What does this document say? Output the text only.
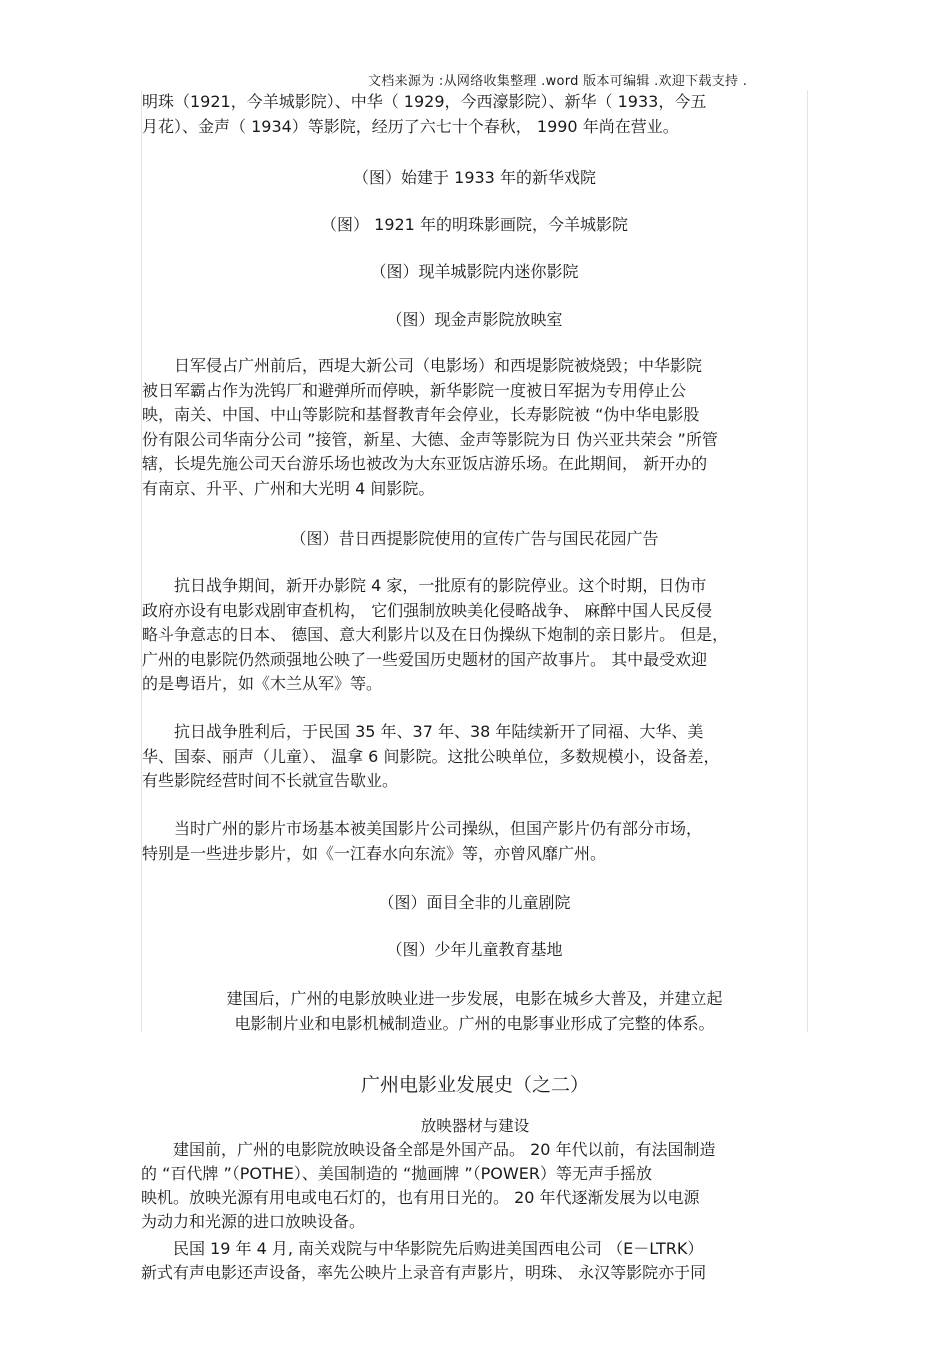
文档来源为 :从网络收集整理 .word 版本可编辑 .欢迎下载支持 .

明珠（1921，今羊城影院）、中华（ 1929，今西濠影院）、新华（ 1933，今五
月花）、金声（ 1934）等影院，经历了六七十个春秋， 1990 年尚在营业。

（图）始建于 1933 年的新华戏院

（图） 1921 年的明珠影画院，今羊城影院

（图）现羊城影院内迷你影院

（图）现金声影院放映室

　　日军侵占广州前后，西堤大新公司（电影场）和西堤影院被烧毁；中华影院
被日军霸占作为洗钨厂和避弹所而停映，新华影院一度被日军据为专用停止公
映，南关、中国、中山等影院和基督教青年会停业，长寿影院被 “伪中华电影股
份有限公司华南分公司 ”接管，新星、大德、金声等影院为日 伪兴亚共荣会 ”所管
辖，长堤先施公司天台游乐场也被改为大东亚饭店游乐场。在此期间， 新开办的
有南京、升平、广州和大光明 4 间影院。

（图）昔日西提影院使用的宣传广告与国民花园广告

　　抗日战争期间，新开办影院 4 家，一批原有的影院停业。这个时期，日伪市
政府亦设有电影戏剧审查机构， 它们强制放映美化侵略战争、 麻醉中国人民反侵
略斗争意志的日本、 德国、意大利影片以及在日伪操纵下炮制的亲日影片。 但是，
广州的电影院仍然顽强地公映了一些爱国历史题材的国产故事片。 其中最受欢迎
的是粤语片，如《木兰从军》等。

　　抗日战争胜利后，于民国 35 年、37 年、38 年陆续新开了同福、大华、美
华、国泰、丽声（儿童）、 温拿 6 间影院。这批公映单位，多数规模小，设备差，
有些影院经营时间不长就宣告歇业。

　　当时广州的影片市场基本被美国影片公司操纵，但国产影片仍有部分市场，
特别是一些进步影片，如《一江春水向东流》等，亦曾风靡广州。

（图）面目全非的儿童剧院

（图）少年儿童教育基地

建国后，广州的电影放映业进一步发展，电影在城乡大普及，并建立起
电影制片业和电影机械制造业。广州的电影事业形成了完整的体系。

广州电影业发展史（之二）
放映器材与建设

　　建国前，广州的电影院放映设备全部是外国产品。 20 年代以前，有法国制造
的 “百代牌 ”（POTHE）、美国制造的 “拋画牌 ”（POWER）等无声手摇放
映机。放映光源有用电或电石灯的，也有用日光的。 20 年代逐渐发展为以电源
为动力和光源的进口放映设备。

　　民国 19 年 4 月, 南关戏院与中华影院先后购进美国西电公司 （E－LTRK）
新式有声电影还声设备，率先公映片上录音有声影片，明珠、 永汉等影院亦于同
